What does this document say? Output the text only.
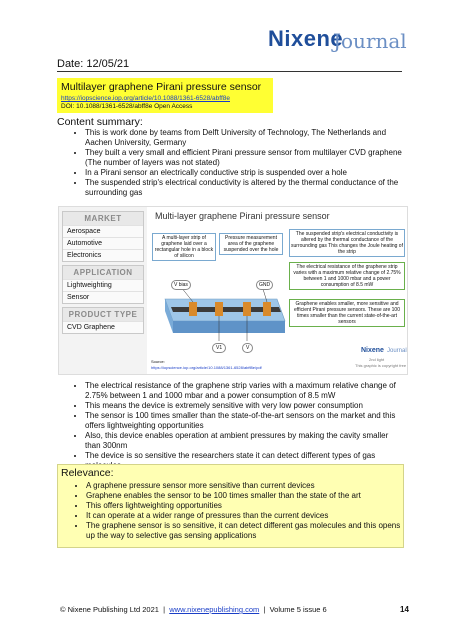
Nixene
Journal
Date: 12/05/21
Multilayer graphene Pirani pressure sensor
https://iopscience.iop.org/article/10.1088/1361-6528/abff8e
DOI: 10.1088/1361-6528/abff8e Open Access
Content summary:
• This is work done by teams from Delft University of Technology, The Netherlands and Aachen University, Germany
• They built a very small and efficient Pirani pressure sensor from multilayer CVD graphene (The number of layers was not stated)
• In a Pirani sensor an electrically conductive strip is suspended over a hole
• The suspended strip's electrical conductivity is altered by the thermal conductance of the surrounding gas
MARKET
Aerospace
Automotive
Electronics
APPLICATION
Lightweighting
Sensor
PRODUCT TYPE
CVD Graphene
Multi-layer graphene Pirani pressure sensor
A multi-layer strip of graphene laid over a rectangular hole in a block of silicon
Pressure measurement area of the graphene suspended over the hole
The suspended strip's electrical conductivity is altered by the thermal conductance of the surrounding gas This changes the Joule heating of the strip
The electrical resistance of the graphene strip varies with a maximum relative change of 2.75% between 1 and 1000 mbar and a power consumption of 8.5 mW
Graphene enables smaller, more sensitive and efficient Pirani pressure sensors. These are 100 times smaller than the current state-of-the-art sensors
V bias	GND
V1	V
Source:
https://iopscience.iop.org/article/10.1088/1361-6528/abff8e/pdf
Nixene Journal
2nd light
This graphic is copyright free
• The electrical resistance of the graphene strip varies with a maximum relative change of 2.75% between 1 and 1000 mbar and a power consumption of 8.5 mW
• This means the device is extremely sensitive with very low power consumption
• The sensor is 100 times smaller than the state-of-the-art sensors on the market and this offers lightweighting opportunities
• Also, this device enables operation at ambient pressures by making the cavity smaller than 300nm
• The device is so sensitive the researchers state it can detect different types of gas
Relevance:
• A graphene pressure sensor more sensitive than current devices
• Graphene enables the sensor to be 100 times smaller than the state of the art
• This offers lightweighting opportunities
• It can operate at a wider range of pressures than the current devices
• The graphene sensor is so sensitive, it can detect different gas molecules and this opens up the way to selective gas sensing applications
© Nixene Publishing Ltd 2021 | www.nixenepublishing.com | Volume 5 issue 6	14
